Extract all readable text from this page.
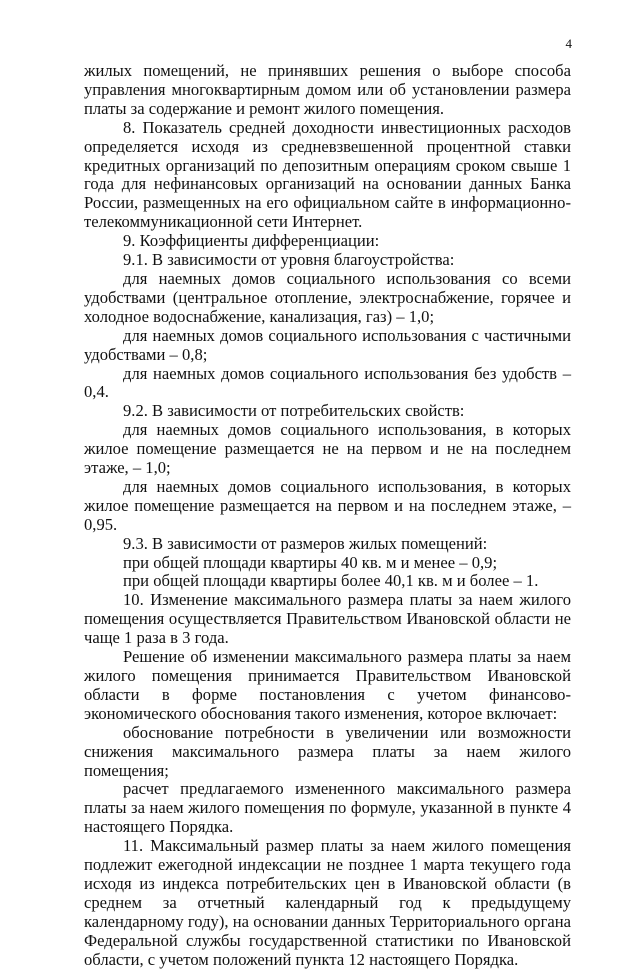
4

жилых помещений, не принявших решения о выборе способа управления многоквартирным домом или об установлении размера платы за содержание и ремонт жилого помещения.

8. Показатель средней доходности инвестиционных расходов определяется исходя из средневзвешенной процентной ставки кредитных организаций по депозитным операциям сроком свыше 1 года для нефинансовых организаций на основании данных Банка России, размещенных на его официальном сайте в информационно-телекоммуникационной сети Интернет.

9. Коэффициенты дифференциации:

9.1. В зависимости от уровня благоустройства:

для наемных домов социального использования со всеми удобствами (центральное отопление, электроснабжение, горячее и холодное водоснабжение, канализация, газ) – 1,0;

для наемных домов социального использования с частичными удобствами – 0,8;

для наемных домов социального использования без удобств – 0,4.

9.2. В зависимости от потребительских свойств:

для наемных домов социального использования, в которых жилое помещение размещается не на первом и не на последнем этаже, – 1,0;

для наемных домов социального использования, в которых жилое помещение размещается на первом и на последнем этаже, – 0,95.

9.3. В зависимости от размеров жилых помещений:

при общей площади квартиры 40 кв. м и менее – 0,9;

при общей площади квартиры более 40,1 кв. м и более – 1.

10. Изменение максимального размера платы за наем жилого помещения осуществляется Правительством Ивановской области не чаще 1 раза в 3 года.

Решение об изменении максимального размера платы за наем жилого помещения принимается Правительством Ивановской области в форме постановления с учетом финансово-экономического обоснования такого изменения, которое включает:

обоснование потребности в увеличении или возможности снижения максимального размера платы за наем жилого помещения;

расчет предлагаемого измененного максимального размера платы за наем жилого помещения по формуле, указанной в пункте 4 настоящего Порядка.

11. Максимальный размер платы за наем жилого помещения подлежит ежегодной индексации не позднее 1 марта текущего года исходя из индекса потребительских цен в Ивановской области (в среднем за отчетный календарный год к предыдущему календарному году), на основании данных Территориального органа Федеральной службы государственной статистики по Ивановской области, с учетом положений пункта 12 настоящего Порядка.
